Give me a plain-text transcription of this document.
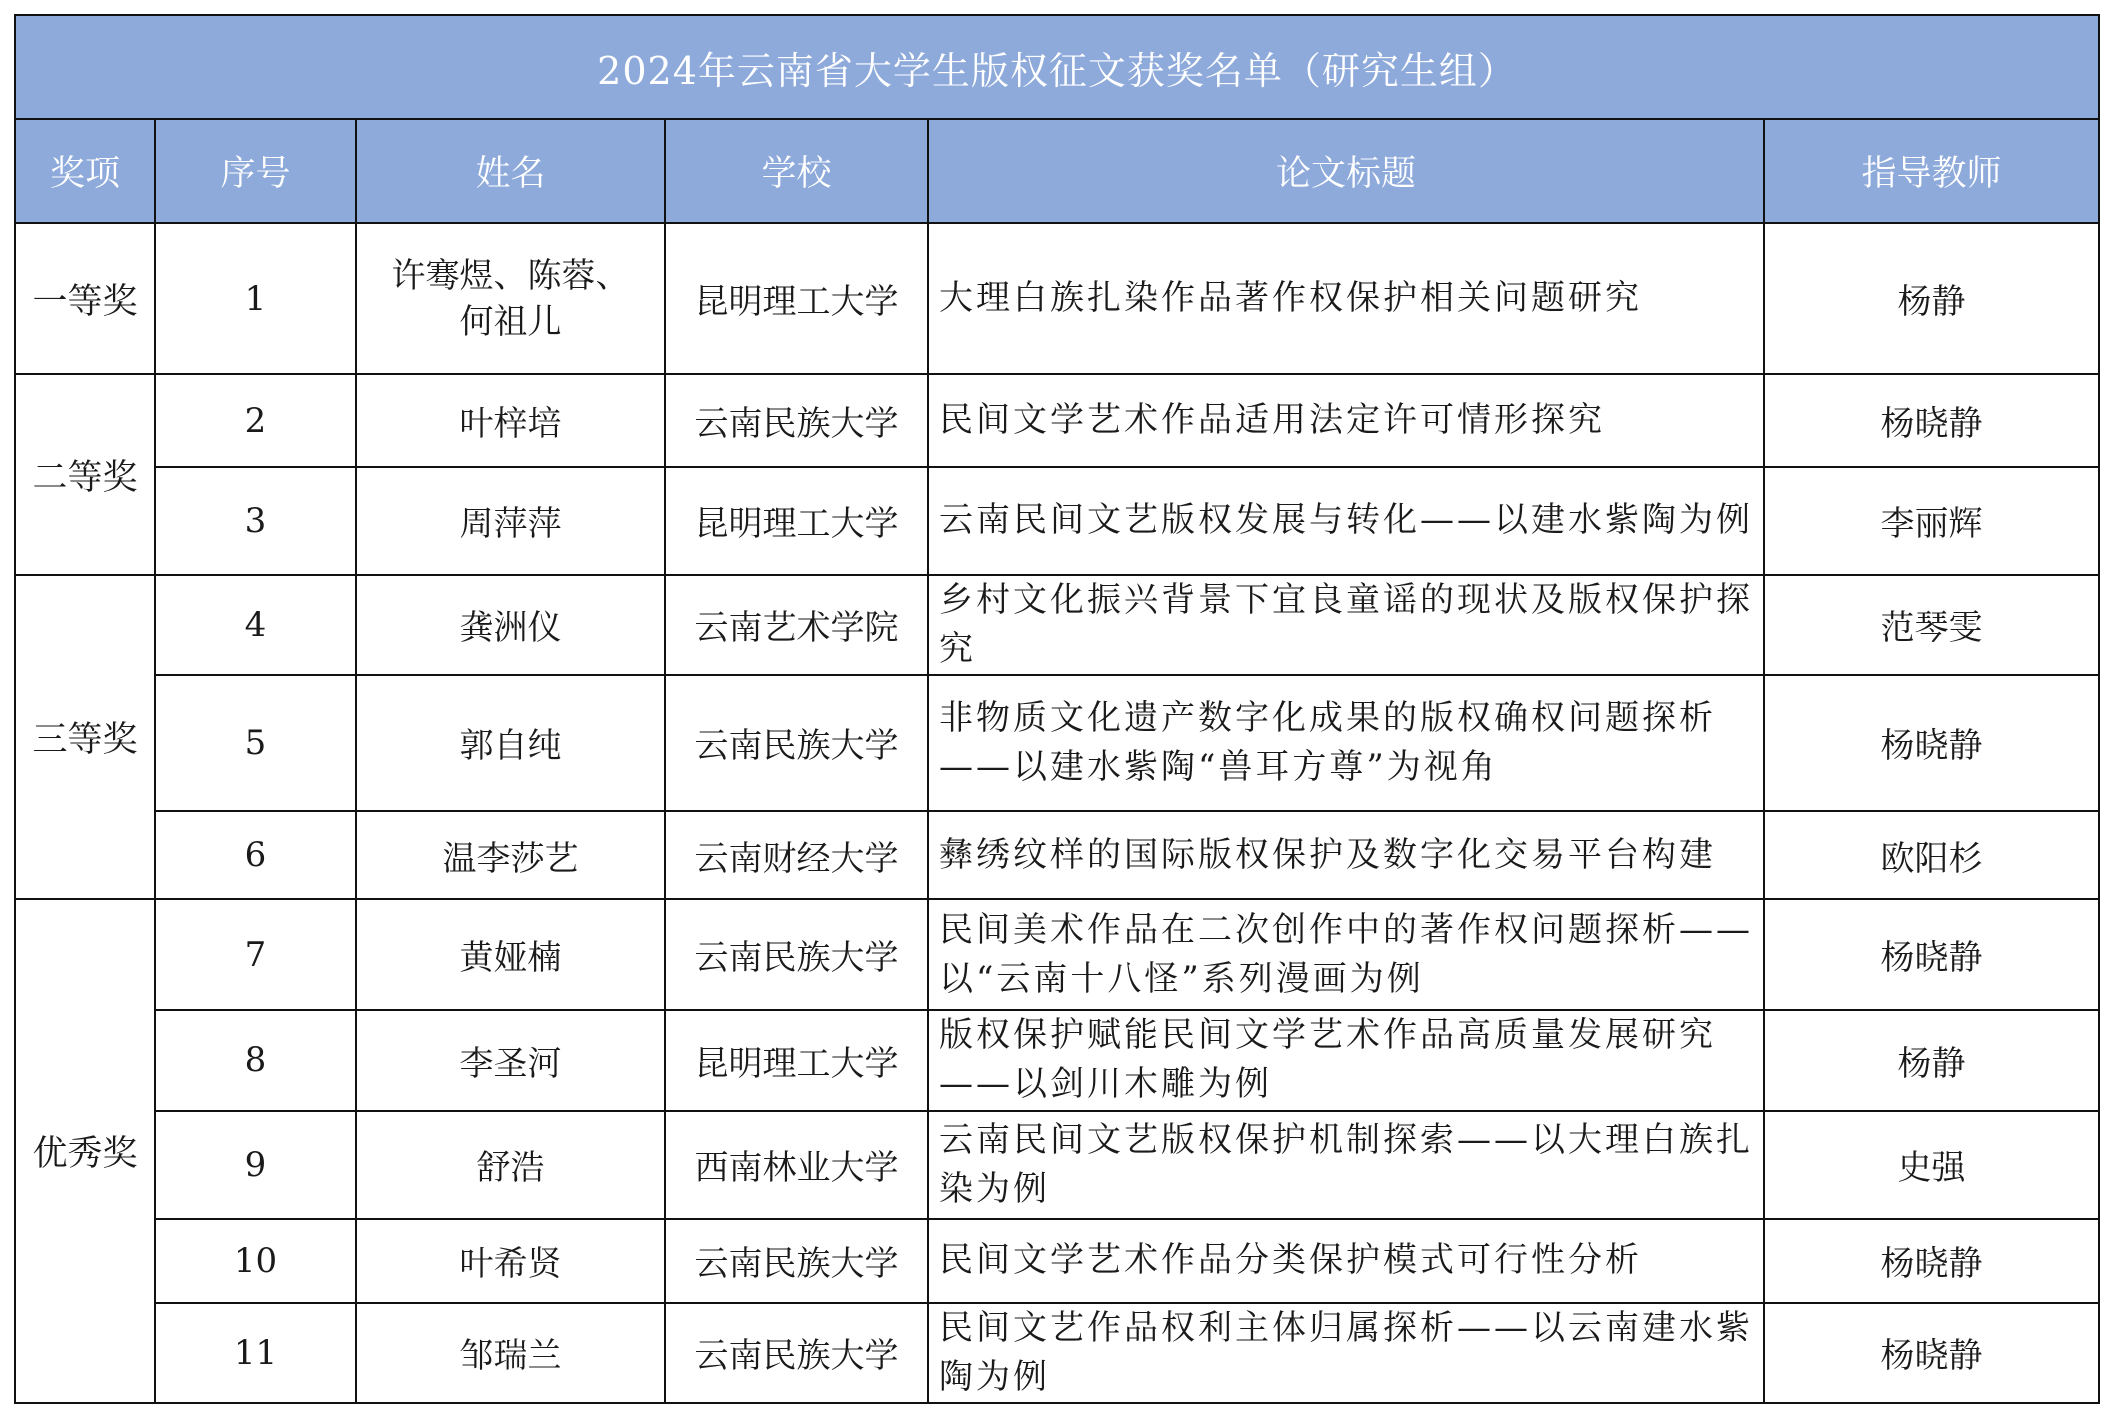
2024年云南省大学生版权征文获奖名单（研究生组）					
奖项	序号	姓名	学校	论文标题	指导教师
一等奖	1	许骞煜、陈蓉、何祖儿	昆明理工大学	大理白族扎染作品著作权保护相关问题研究	杨静
二等奖	2	叶梓培	云南民族大学	民间文学艺术作品适用法定许可情形探究	杨晓静
	3	周萍萍	昆明理工大学	云南民间文艺版权发展与转化——以建水紫陶为例	李丽辉
三等奖	4	龚洲仪	云南艺术学院	乡村文化振兴背景下宜良童谣的现状及版权保护探究	范琴雯
	5	郭自纯	云南民族大学	非物质文化遗产数字化成果的版权确权问题探析——以建水紫陶“兽耳方尊”为视角	杨晓静
	6	温李莎艺	云南财经大学	彝绣纹样的国际版权保护及数字化交易平台构建	欧阳杉
优秀奖	7	黄娅楠	云南民族大学	民间美术作品在二次创作中的著作权问题探析——以“云南十八怪”系列漫画为例	杨晓静
	8	李圣河	昆明理工大学	版权保护赋能民间文学艺术作品高质量发展研究——以剑川木雕为例	杨静
	9	舒浩	西南林业大学	云南民间文艺版权保护机制探索——以大理白族扎染为例	史强
	10	叶希贤	云南民族大学	民间文学艺术作品分类保护模式可行性分析	杨晓静
	11	邹瑞兰	云南民族大学	民间文艺作品权利主体归属探析——以云南建水紫陶为例	杨晓静
